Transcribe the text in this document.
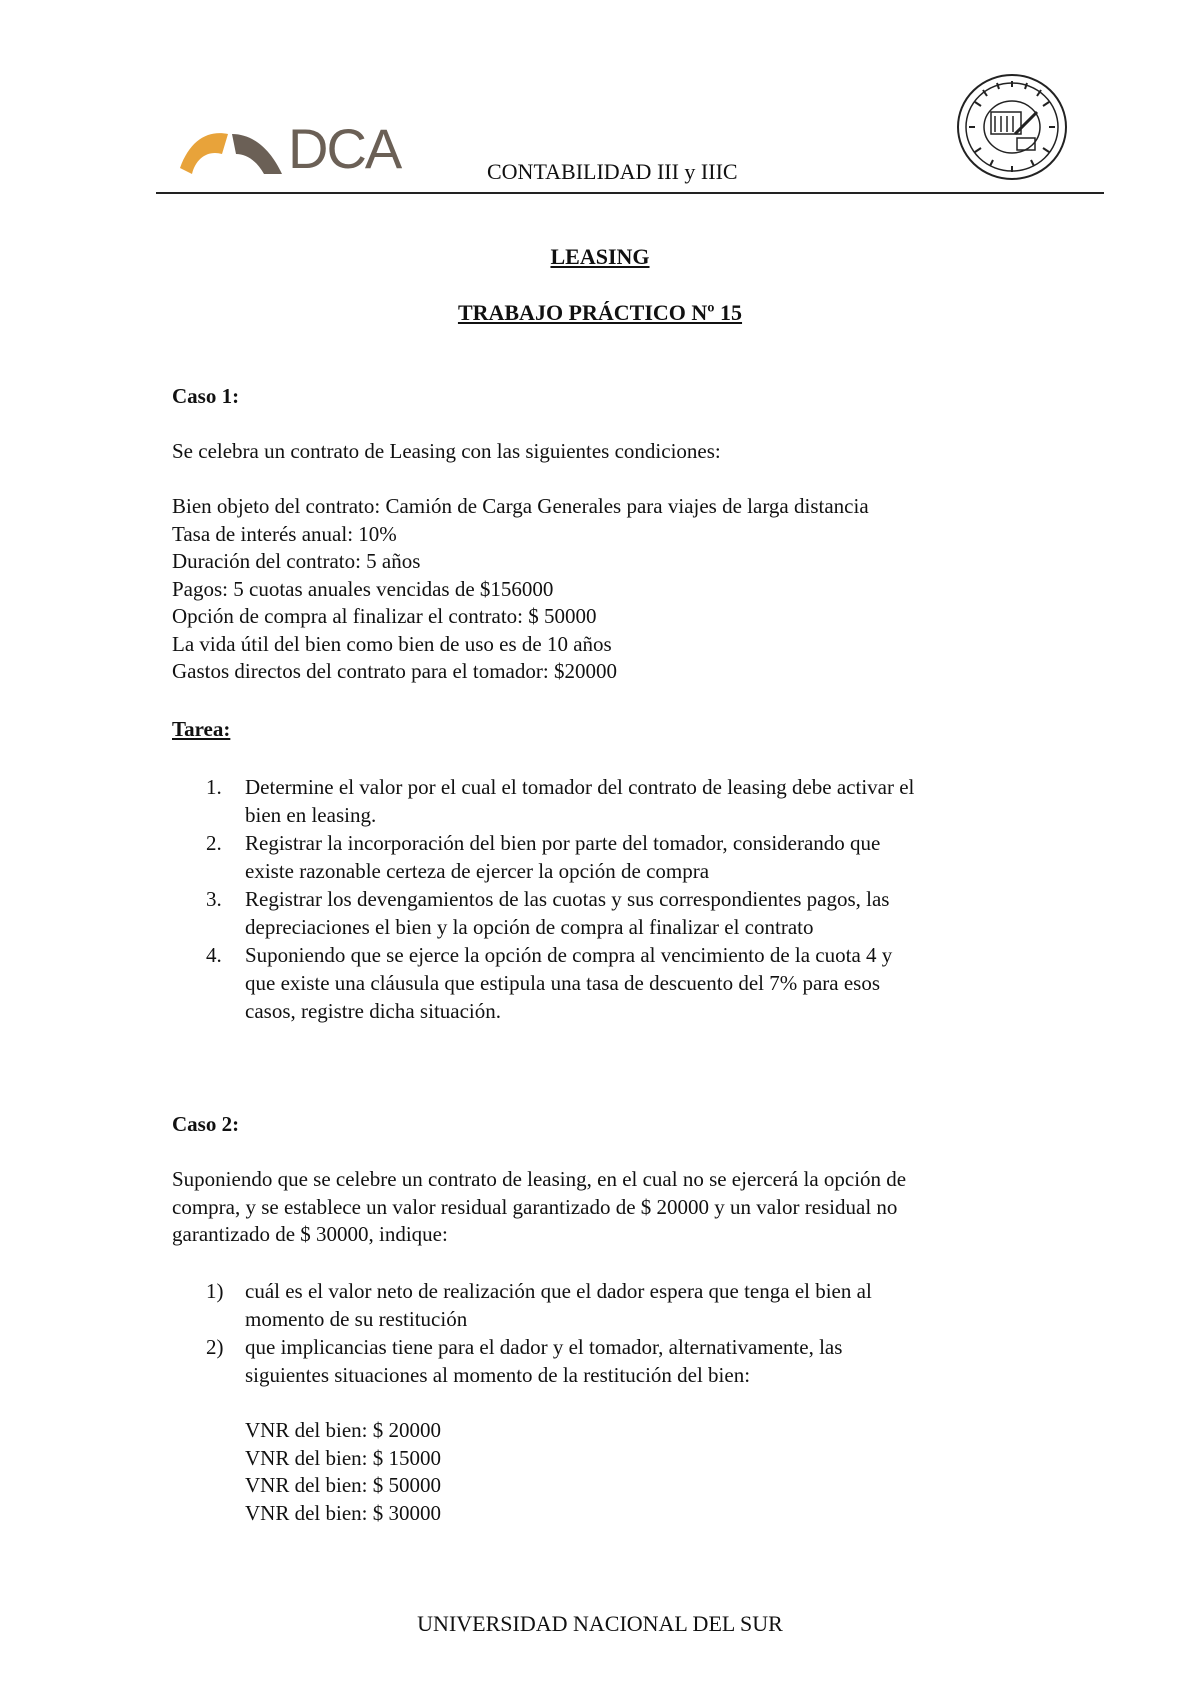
DCA	CONTABILIDAD III y IIIC
LEASING
TRABAJO PRÁCTICO Nº 15
Caso 1:
Se celebra un contrato de Leasing con las siguientes condiciones:
Bien objeto del contrato: Camión de Carga Generales para viajes de larga distancia
Tasa de interés anual: 10%
Duración del contrato: 5 años
Pagos: 5 cuotas anuales vencidas de $156000
Opción de compra al finalizar el contrato: $ 50000
La vida útil del bien como bien de uso es de 10 años
Gastos directos del contrato para el tomador: $20000
Tarea:
1.	Determine el valor por el cual el tomador del contrato de leasing debe activar el
bien en leasing.
2.	Registrar la incorporación del bien por parte del tomador, considerando que
existe razonable certeza de ejercer la opción de compra
3.	Registrar los devengamientos de las cuotas y sus correspondientes pagos, las
depreciaciones el bien y la opción de compra al finalizar el contrato
4.	Suponiendo que se ejerce la opción de compra al vencimiento de la cuota 4 y
que existe una cláusula que estipula una tasa de descuento del 7% para esos
casos, registre dicha situación.
Caso 2:
Suponiendo que se celebre un contrato de leasing, en el cual no se ejercerá la opción de
compra, y se establece un valor residual garantizado de $ 20000 y un valor residual no
garantizado de $ 30000, indique:
1)	cuál es el valor neto de realización que el dador espera que tenga el bien al
momento de su restitución
2)	que implicancias tiene para el dador y el tomador, alternativamente, las
siguientes situaciones al momento de la restitución del bien:
VNR del bien: $ 20000
VNR del bien: $ 15000
VNR del bien: $ 50000
VNR del bien: $ 30000
UNIVERSIDAD NACIONAL DEL SUR
